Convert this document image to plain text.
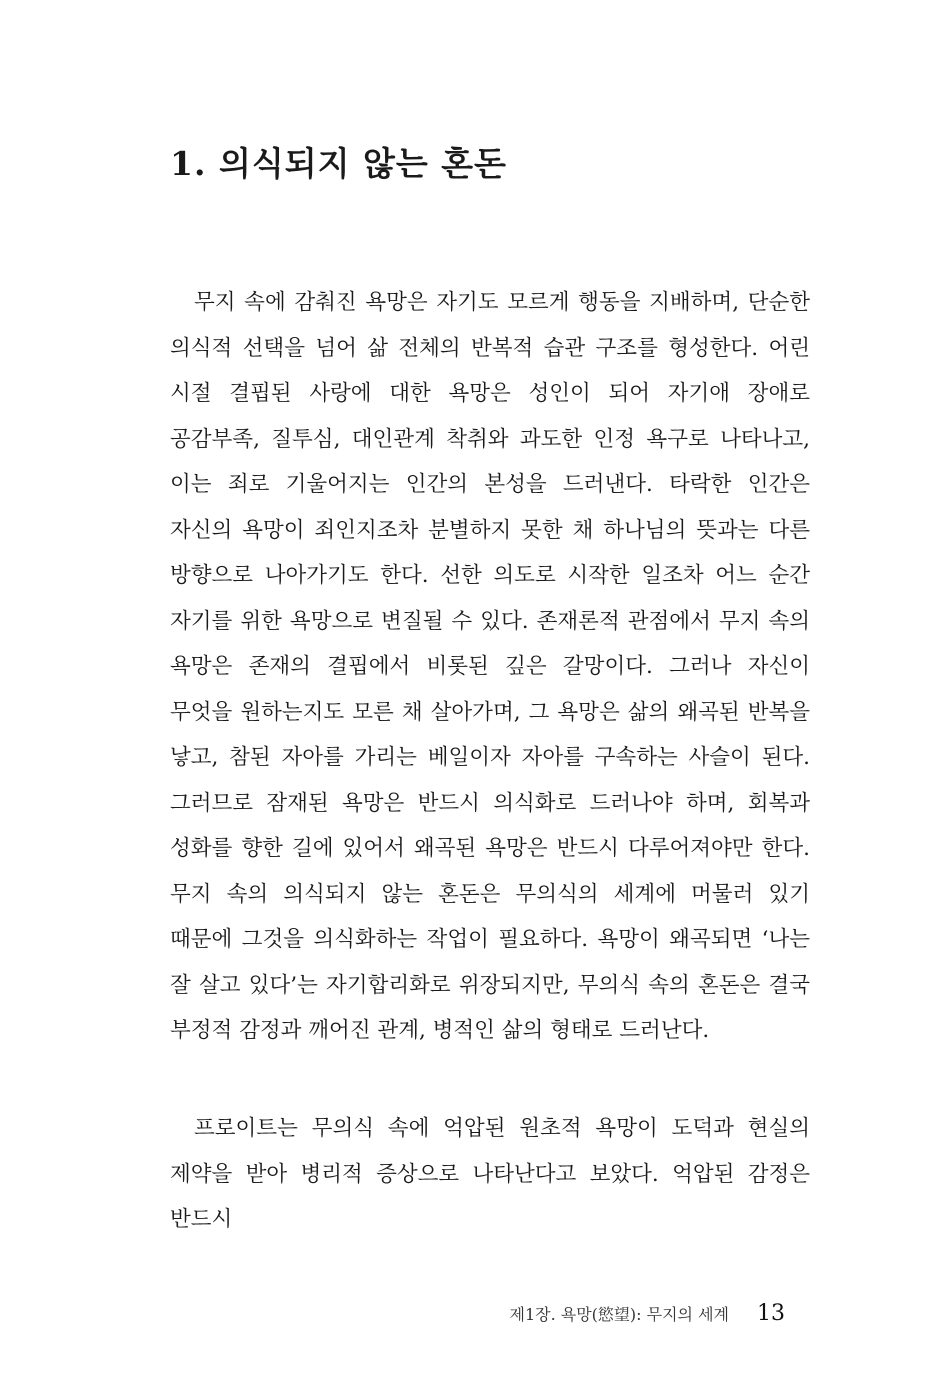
1. 의식되지 않는 혼돈

무지 속에 감춰진 욕망은 자기도 모르게 행동을 지배하며, 단순한 의식적 선택을 넘어 삶 전체의 반복적 습관 구조를 형성한다. 어린 시절 결핍된 사랑에 대한 욕망은 성인이 되어 자기애 장애로 공감부족, 질투심, 대인관계 착취와 과도한 인정 욕구로 나타나고, 이는 죄로 기울어지는 인간의 본성을 드러낸다. 타락한 인간은 자신의 욕망이 죄인지조차 분별하지 못한 채 하나님의 뜻과는 다른 방향으로 나아가기도 한다. 선한 의도로 시작한 일조차 어느 순간 자기를 위한 욕망으로 변질될 수 있다. 존재론적 관점에서 무지 속의 욕망은 존재의 결핍에서 비롯된 깊은 갈망이다. 그러나 자신이 무엇을 원하는지도 모른 채 살아가며, 그 욕망은 삶의 왜곡된 반복을 낳고, 참된 자아를 가리는 베일이자 자아를 구속하는 사슬이 된다. 그러므로 잠재된 욕망은 반드시 의식화로 드러나야 하며, 회복과 성화를 향한 길에 있어서 왜곡된 욕망은 반드시 다루어져야만 한다. 무지 속의 의식되지 않는 혼돈은 무의식의 세계에 머물러 있기 때문에 그것을 의식화하는 작업이 필요하다. 욕망이 왜곡되면 ‘나는 잘 살고 있다’는 자기합리화로 위장되지만, 무의식 속의 혼돈은 결국 부정적 감정과 깨어진 관계, 병적인 삶의 형태로 드러난다.

프로이트는 무의식 속에 억압된 원초적 욕망이 도덕과 현실의 제약을 받아 병리적 증상으로 나타난다고 보았다. 억압된 감정은 반드시

제1장. 욕망(慾望): 무지의 세계 13
